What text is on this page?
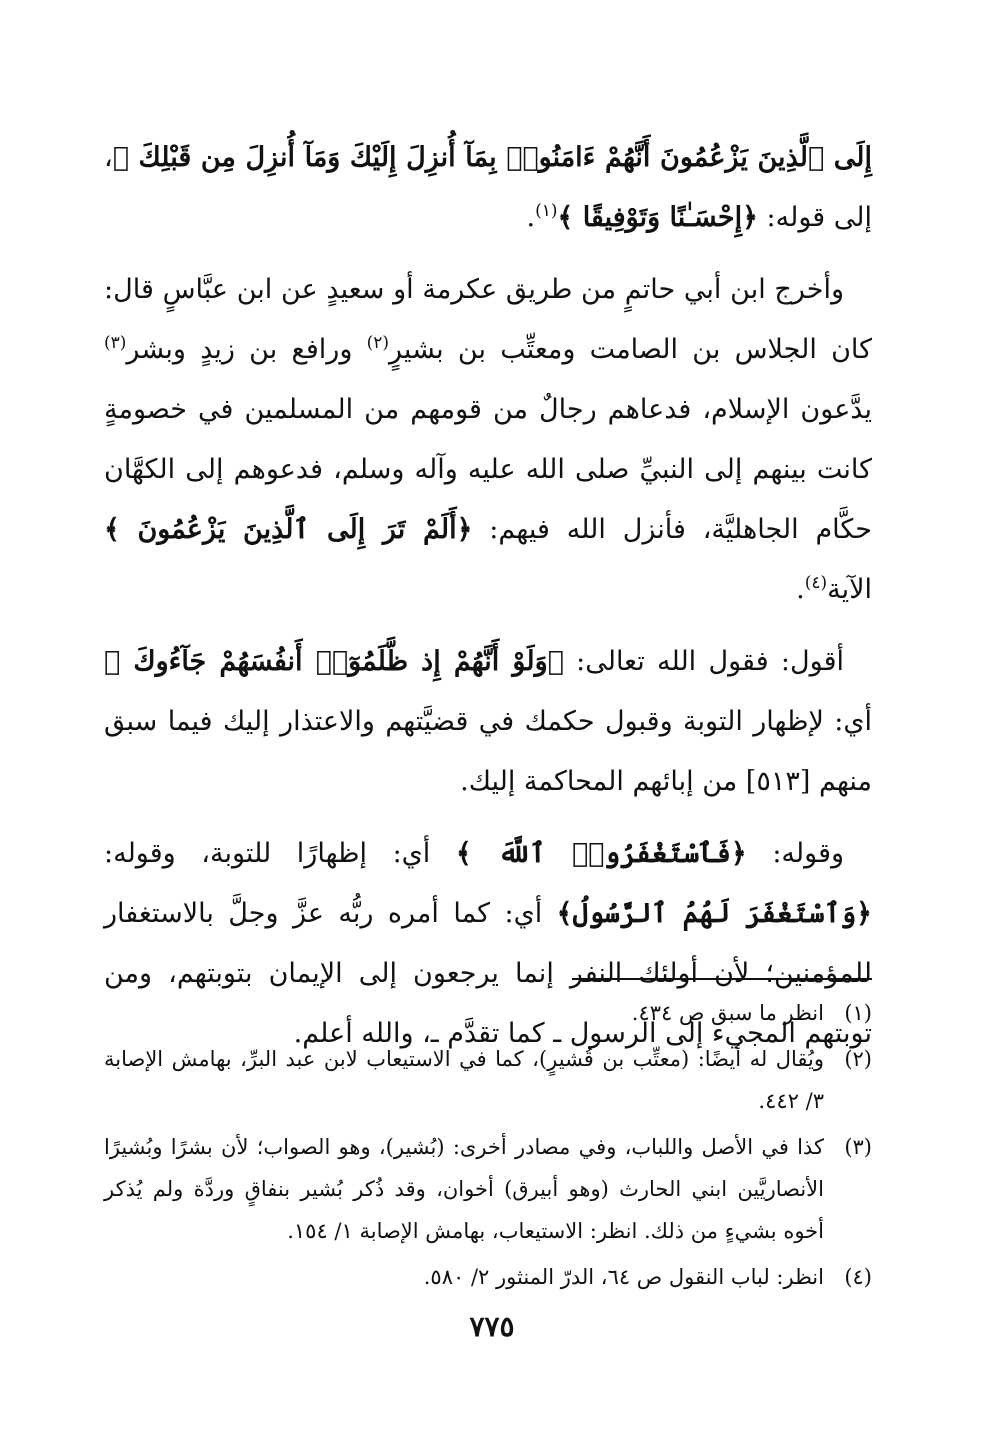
إِلَى ٱلَّذِينَ يَزْعُمُونَ أَنَّهُمْ ءَامَنُوا۟ بِمَآ أُنزِلَ إِلَيْكَ وَمَآ أُنزِلَ مِن قَبْلِكَ ﴾، إلى قوله: ﴿إِحْسَـٰنًا وَتَوْفِيقًا ﴾$^{(١)}$.

وأخرج ابن أبي حاتمٍ من طريق عكرمة أو سعيدٍ عن ابن عبَّاسٍ قال: كان الجلاس بن الصامت ومعتِّب بن بشيرٍ$^{(٢)}$ ورافع بن زيدٍ وبشر$^{(٣)}$ يدَّعون الإسلام، فدعاهم رجالٌ من قومهم من المسلمين في خصومةٍ كانت بينهم إلى النبيِّ صلى الله عليه وآله وسلم، فدعوهم إلى الكهَّان حكَّام الجاهليَّة، فأنزل الله فيهم: ﴿أَلَمْ تَرَ إِلَى ٱلَّذِينَ يَزْعُمُونَ ﴾ الآية$^{(٤)}$.

أقول: فقول الله تعالى: ﴿وَلَوْ أَنَّهُمْ إِذ ظَّلَمُوٓا۟ أَنفُسَهُمْ جَآءُوكَ ﴾ أي: لإظهار التوبة وقبول حكمك في قضيَّتهم والاعتذار إليك فيما سبق منهم [٥١٣] من إبائهم المحاكمة إليك.

وقوله: ﴿فَٱسْتَغْفَرُوا۟ ٱللَّهَ ﴾ أي: إظهارًا للتوبة، وقوله: ﴿وَٱسْتَغْفَرَ لَهُمُ ٱلرَّسُولُ﴾ أي: كما أمره ربُّه عزَّ وجلَّ بالاستغفار للمؤمنين؛ لأن أولئك النفر إنما يرجعون إلى الإيمان بتوبتهم، ومن توبتهم المجيء إلى الرسول ـ كما تقدَّم ـ، والله أعلم.

(١)
انظر ما سبق ص ٤٣٤.
(٢)
ويُقال له أيضًا: (معتِّب بن قُشيرٍ)، كما في الاستيعاب لابن عبد البرِّ، بهامش الإصابة ٣/ ٤٤٢.
(٣)
كذا في الأصل واللباب، وفي مصادر أخرى: (بُشير)، وهو الصواب؛ لأن بشرًا وبُشيرًا الأنصاريَّين ابني الحارث (وهو أبيرق) أخوان، وقد ذُكر بُشير بنفاقٍ وردَّة ولم يُذكر أخوه بشيءٍ من ذلك. انظر: الاستيعاب، بهامش الإصابة ١/ ١٥٤.
(٤)
انظر: لباب النقول ص ٦٤، الدرّ المنثور ٢/ ٥٨٠.
٧٧٥
